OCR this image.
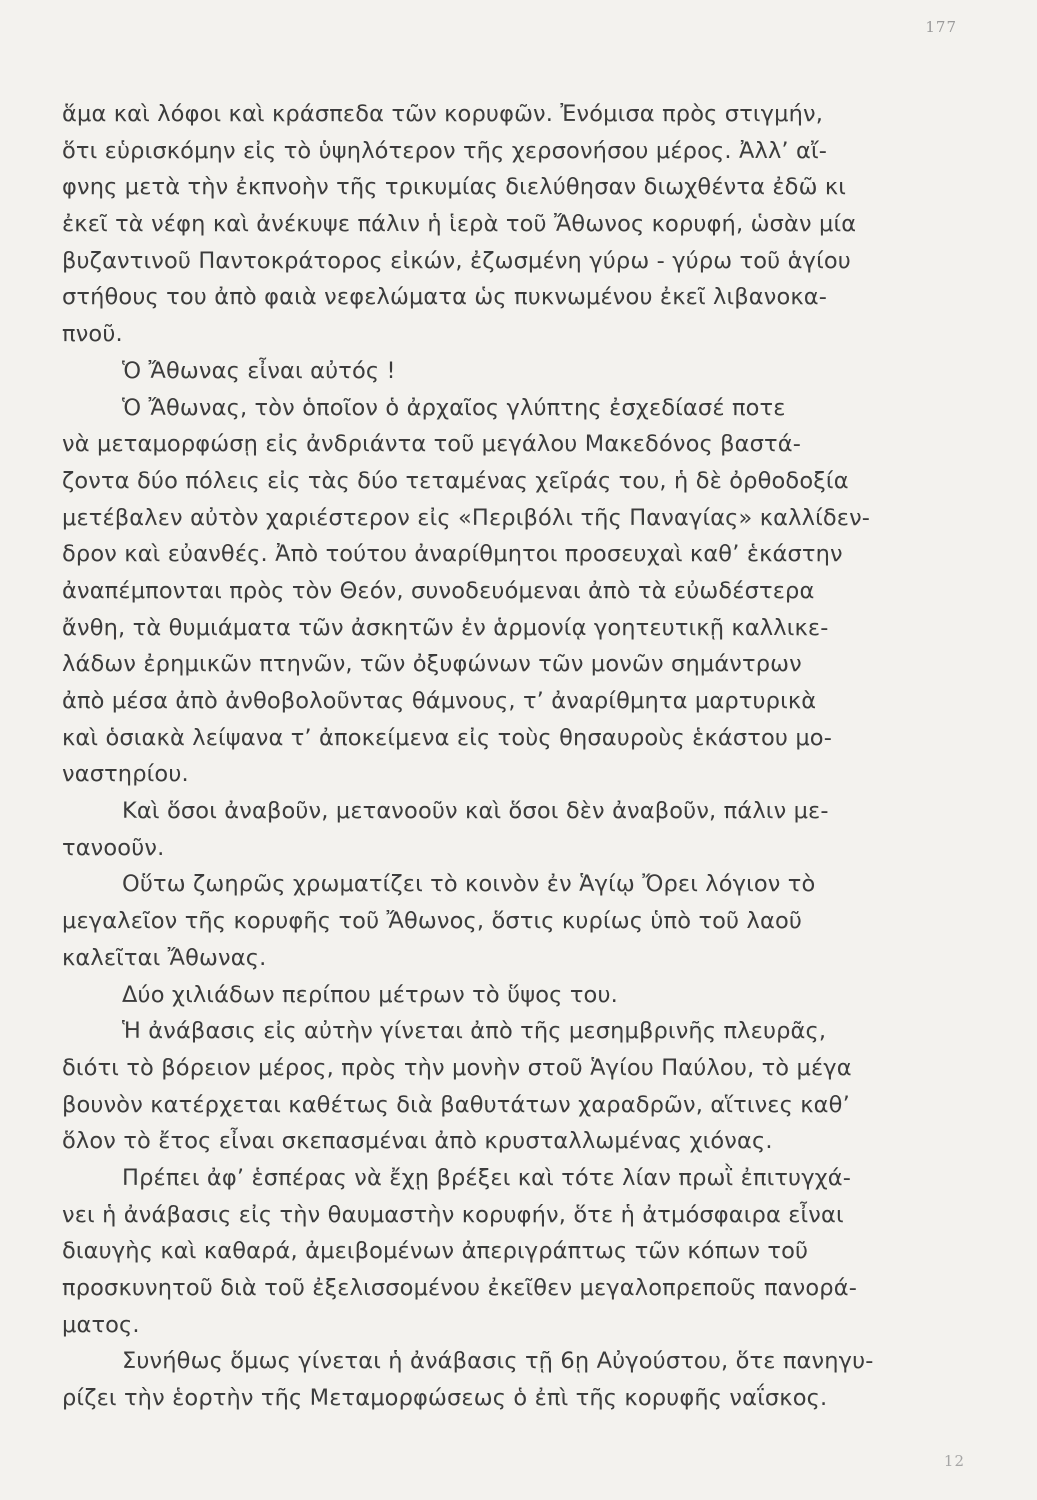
177
ἅμα καὶ λόφοι καὶ κράσπεδα τῶν κορυφῶν. Ἐνόμισα πρὸς στιγμήν,
ὅτι εὑρισκόμην εἰς τὸ ὑψηλότερον τῆς χερσονήσου μέρος. Ἀλλ’ αἴ-
φνης μετὰ τὴν ἐκπνοὴν τῆς τρικυμίας διελύθησαν διωχθέντα ἐδῶ κι
ἐκεῖ τὰ νέφη καὶ ἀνέκυψε πάλιν ἡ ἱερὰ τοῦ Ἄθωνος κορυφή, ὡσὰν μία
βυζαντινοῦ Παντοκράτορος εἰκών, ἐζωσμένη γύρω - γύρω τοῦ ἁγίου
στήθους του ἀπὸ φαιὰ νεφελώματα ὡς πυκνωμένου ἐκεῖ λιβανοκα-
πνοῦ.
Ὁ Ἄθωνας εἶναι αὐτός !
Ὁ Ἄθωνας, τὸν ὁποῖον ὁ ἀρχαῖος γλύπτης ἐσχεδίασέ ποτε
νὰ μεταμορφώσῃ εἰς ἀνδριάντα τοῦ μεγάλου Μακεδόνος βαστά-
ζοντα δύο πόλεις εἰς τὰς δύο τεταμένας χεῖράς του, ἡ δὲ ὀρθοδοξία
μετέβαλεν αὐτὸν χαριέστερον εἰς «Περιβόλι τῆς Παναγίας» καλλίδεν-
δρον καὶ εὐανθές. Ἀπὸ τούτου ἀναρίθμητοι προσευχαὶ καθ’ ἑκάστην
ἀναπέμπονται πρὸς τὸν Θεόν, συνοδευόμεναι ἀπὸ τὰ εὐωδέστερα
ἄνθη, τὰ θυμιάματα τῶν ἀσκητῶν ἐν ἁρμονίᾳ γοητευτικῇ καλλικε-
λάδων ἐρημικῶν πτηνῶν, τῶν ὀξυφώνων τῶν μονῶν σημάντρων
ἀπὸ μέσα ἀπὸ ἀνθοβολοῦντας θάμνους, τ’ ἀναρίθμητα μαρτυρικὰ
καὶ ὁσιακὰ λείψανα τ’ ἀποκείμενα εἰς τοὺς θησαυροὺς ἑκάστου μο-
ναστηρίου.
Καὶ ὅσοι ἀναβοῦν, μετανοοῦν καὶ ὅσοι δὲν ἀναβοῦν, πάλιν με-
τανοοῦν.
Οὕτω ζωηρῶς χρωματίζει τὸ κοινὸν ἐν Ἁγίῳ Ὄρει λόγιον τὸ
μεγαλεῖον τῆς κορυφῆς τοῦ Ἄθωνος, ὅστις κυρίως ὑπὸ τοῦ λαοῦ
καλεῖται Ἄθωνας.
Δύο χιλιάδων περίπου μέτρων τὸ ὕψος του.
Ἡ ἀνάβασις εἰς αὐτὴν γίνεται ἀπὸ τῆς μεσημβρινῆς πλευρᾶς,
διότι τὸ βόρειον μέρος, πρὸς τὴν μονὴν στοῦ Ἁγίου Παύλου, τὸ μέγα
βουνὸν κατέρχεται καθέτως διὰ βαθυτάτων χαραδρῶν, αἵτινες καθ’
ὅλον τὸ ἔτος εἶναι σκεπασμέναι ἀπὸ κρυσταλλωμένας χιόνας.
Πρέπει ἀφ’ ἑσπέρας νὰ ἔχῃ βρέξει καὶ τότε λίαν πρωῒ ἐπιτυγχά-
νει ἡ ἀνάβασις εἰς τὴν θαυμαστὴν κορυφήν, ὅτε ἡ ἀτμόσφαιρα εἶναι
διαυγὴς καὶ καθαρά, ἀμειβομένων ἀπεριγράπτως τῶν κόπων τοῦ
προσκυνητοῦ διὰ τοῦ ἐξελισσομένου ἐκεῖθεν μεγαλοπρεποῦς πανορά-
ματος.
Συνήθως ὅμως γίνεται ἡ ἀνάβασις τῇ 6ῃ Αὐγούστου, ὅτε πανηγυ-
ρίζει τὴν ἑορτὴν τῆς Μεταμορφώσεως ὁ ἐπὶ τῆς κορυφῆς ναΐσκος.
12
